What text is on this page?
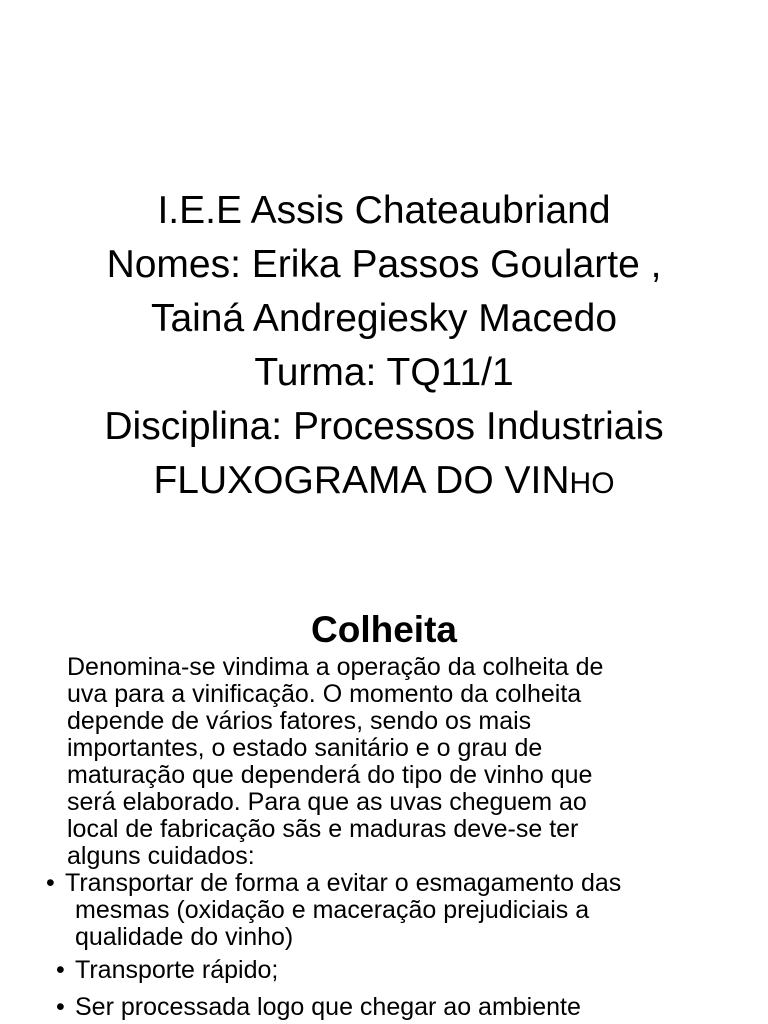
I.E.E Assis Chateaubriand
Nomes: Erika Passos Goularte ,
Tainá Andregiesky Macedo
Turma: TQ11/1
Disciplina: Processos Industriais
FLUXOGRAMA DO VINHO
Colheita

Denomina-se vindima a operação da colheita de
uva para a vinificação. O momento da colheita
depende de vários fatores, sendo os mais
importantes, o estado sanitário e o grau de
maturação que dependerá do tipo de vinho que
será elaborado. Para que as uvas cheguem ao
local de fabricação sãs e maduras deve-se ter
alguns cuidados:

• Transportar de forma a evitar o esmagamento das
mesmas (oxidação e maceração prejudiciais a
qualidade do vinho)
• Transporte rápido;
• Ser processada logo que chegar ao ambiente
